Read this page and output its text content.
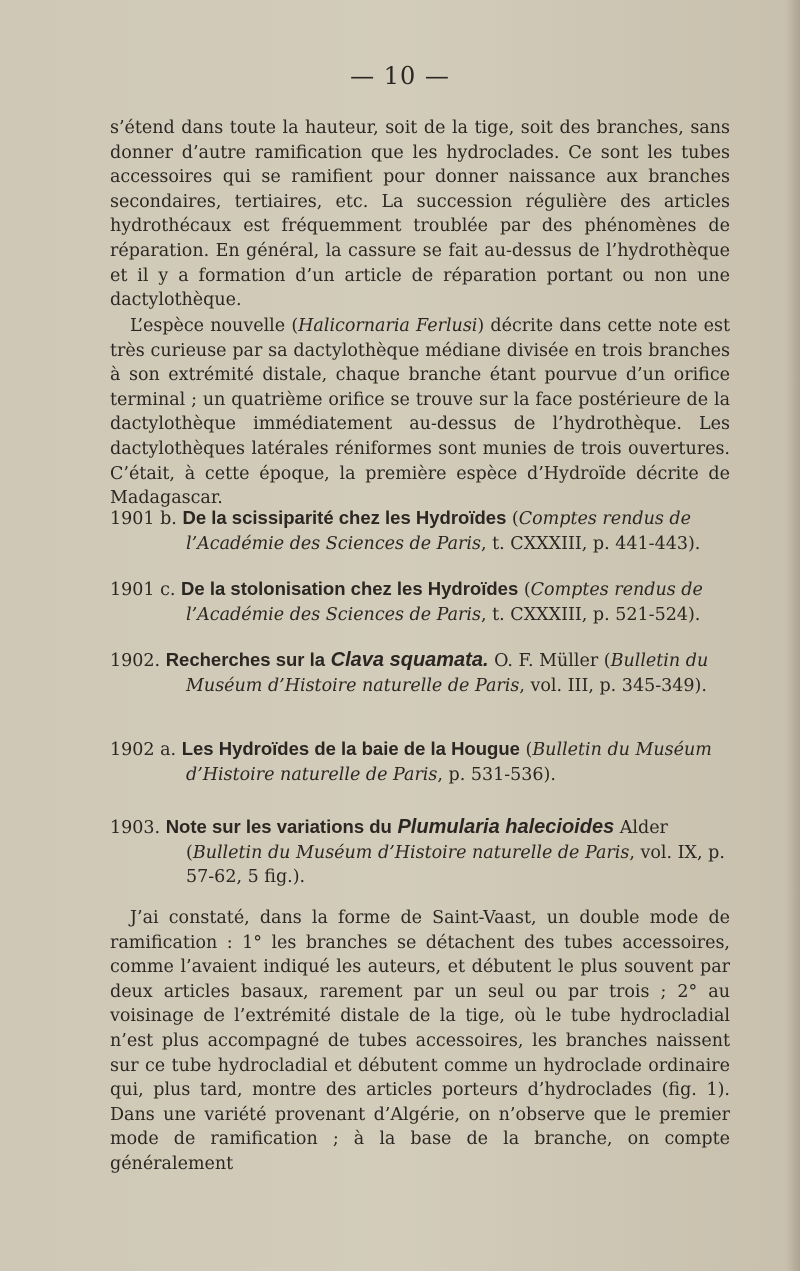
— 10 —

s’étend dans toute la hauteur, soit de la tige, soit des branches, sans donner d’autre ramification que les hydroclades. Ce sont les tubes accessoires qui se ramifient pour donner naissance aux branches secondaires, tertiaires, etc. La succession régulière des articles hydrothécaux est fréquemment troublée par des phénomènes de réparation. En général, la cassure se fait au-dessus de l’hydrothèque et il y a formation d’un article de réparation portant ou non une dactylothèque.

L’espèce nouvelle (Halicornaria Ferlusi) décrite dans cette note est très curieuse par sa dactylothèque médiane divisée en trois branches à son extrémité distale, chaque branche étant pourvue d’un orifice terminal ; un quatrième orifice se trouve sur la face postérieure de la dactylothèque immédiatement au-dessus de l’hydrothèque. Les dactylothèques latérales réniformes sont munies de trois ouvertures. C’était, à cette époque, la première espèce d’Hydroïde décrite de Madagascar.

1901 b. De la scissiparité chez les Hydroïdes (Comptes rendus de l’Académie des Sciences de Paris, t. CXXXIII, p. 441-443).

1901 c. De la stolonisation chez les Hydroïdes (Comptes rendus de l’Académie des Sciences de Paris, t. CXXXIII, p. 521-524).

1902. Recherches sur la Clava squamata. O. F. Müller (Bulletin du Muséum d’Histoire naturelle de Paris, vol. III, p. 345-349).

1902 a. Les Hydroïdes de la baie de la Hougue (Bulletin du Muséum d’Histoire naturelle de Paris, p. 531-536).

1903. Note sur les variations du Plumularia halecioides Alder (Bulletin du Muséum d’Histoire naturelle de Paris, vol. IX, p. 57-62, 5 fig.).

J’ai constaté, dans la forme de Saint-Vaast, un double mode de ramification : 1° les branches se détachent des tubes accessoires, comme l’avaient indiqué les auteurs, et débutent le plus souvent par deux articles basaux, rarement par un seul ou par trois ; 2° au voisinage de l’extrémité distale de la tige, où le tube hydrocladial n’est plus accompagné de tubes accessoires, les branches naissent sur ce tube hydrocladial et débutent comme un hydroclade ordinaire qui, plus tard, montre des articles porteurs d’hydroclades (fig. 1). Dans une variété provenant d’Algérie, on n’observe que le premier mode de ramification ; à la base de la branche, on compte généralement
